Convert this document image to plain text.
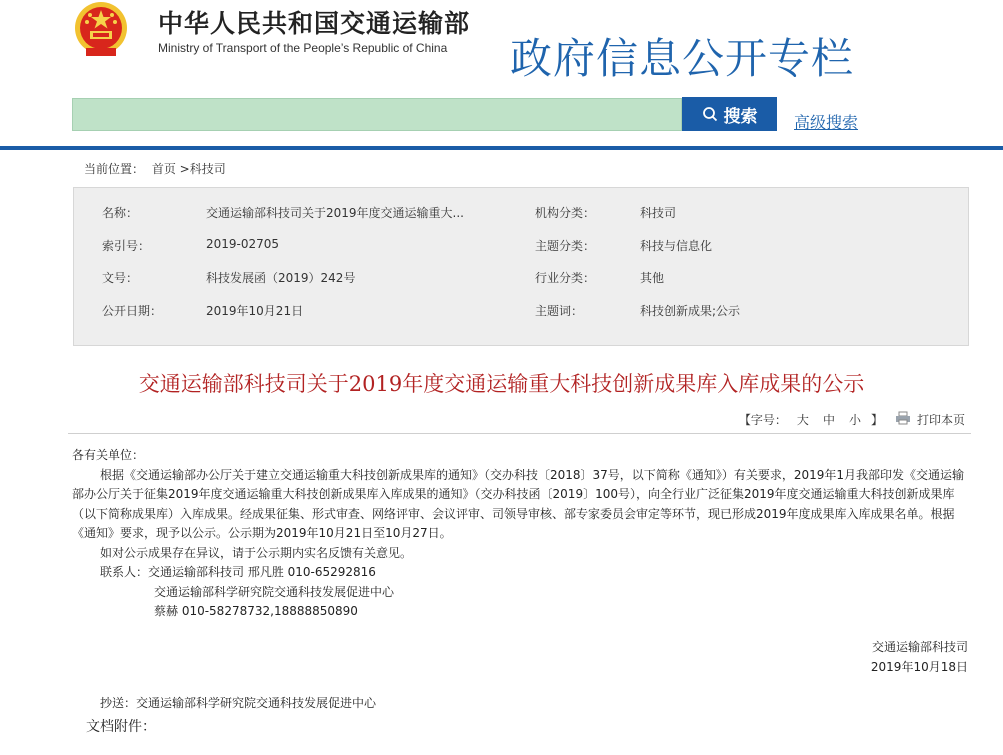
中华人民共和国交通运输部
Ministry of Transport of the People’s Republic of China 政府信息公开专栏
搜索 高级搜索
当前位置： 首页 >科技司
名称：	交通运输部科技司关于2019年度交通运输重大...	机构分类：	科技司
索引号：	2019-02705	主题分类：	科技与信息化
文号：	科技发展函（2019）242号	行业分类：	其他
公开日期：	2019年10月21日	主题词：	科技创新成果;公示
交通运输部科技司关于2019年度交通运输重大科技创新成果库入库成果的公示
【字号： 大 中 小 】	打印本页

各有关单位：

根据《交通运输部办公厅关于建立交通运输重大科技创新成果库的通知》（交办科技〔2018〕37号，以下简称《通知》）有关要求，2019年1月我部印发《交通运输部办公厅关于征集2019年度交通运输重大科技创新成果库入库成果的通知》（交办科技函〔2019〕100号），向全行业广泛征集2019年度交通运输重大科技创新成果库（以下简称成果库）入库成果。经成果征集、形式审查、网络评审、会议评审、司领导审核、部专家委员会审定等环节，现已形成2019年度成果库入库成果名单。根据《通知》要求，现予以公示。公示期为2019年10月21日至10月27日。

如对公示成果存在异议，请于公示期内实名反馈有关意见。

联系人：交通运输部科技司 邢凡胜 010-65292816

交通运输部科学研究院交通科技发展促进中心

蔡赫 010-58278732,18888850890

交通运输部科技司
2019年10月18日
抄送：交通运输部科学研究院交通科技发展促进中心
文档附件：
